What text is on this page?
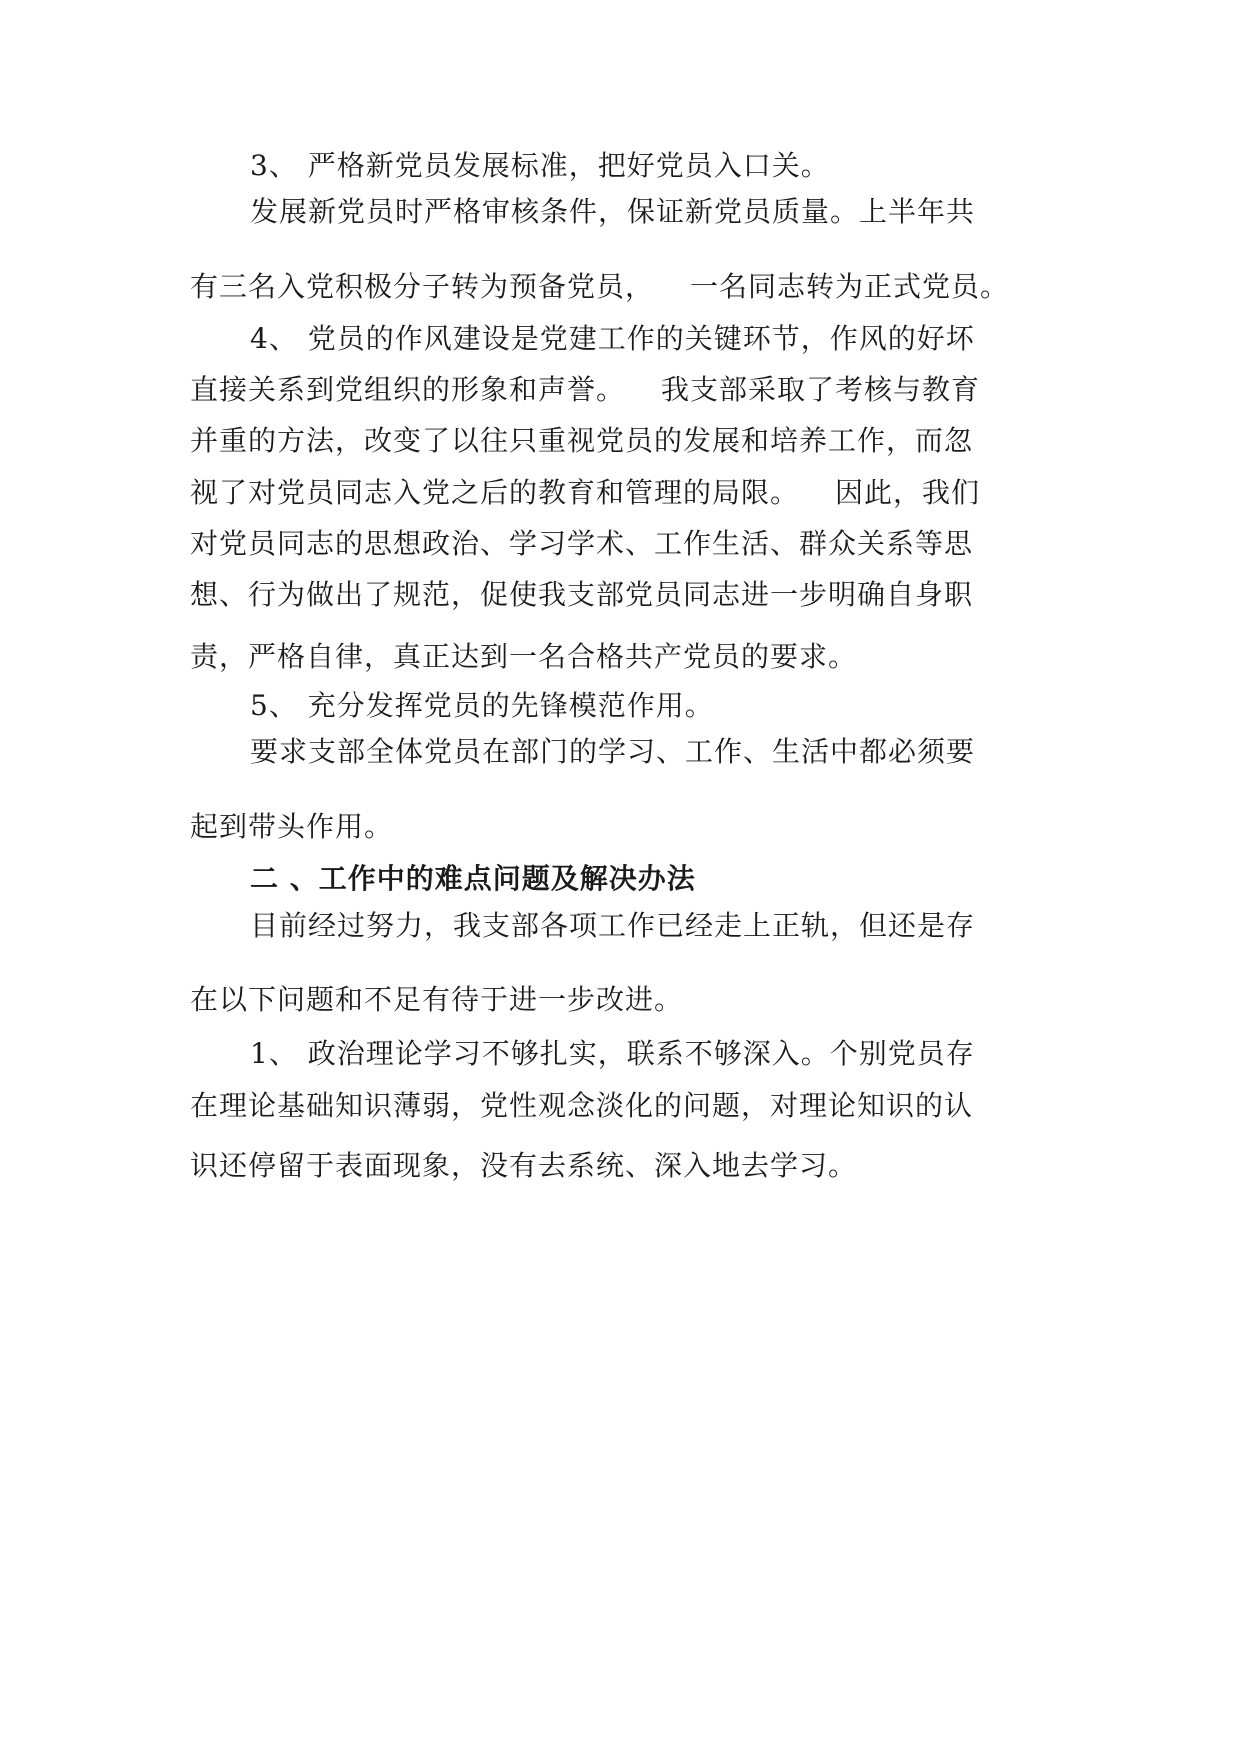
3、 严格新党员发展标准，把好党员入口关。
发展新党员时严格审核条件，保证新党员质量。上半年共
有三名入党积极分子转为预备党员， 一名同志转为正式党员。
4、 党员的作风建设是党建工作的关键环节，作风的好坏
直接关系到党组织的形象和声誉。 我支部采取了考核与教育
并重的方法，改变了以往只重视党员的发展和培养工作，而忽
视了对党员同志入党之后的教育和管理的局限。 因此，我们
对党员同志的思想政治、学习学术、工作生活、群众关系等思
想、行为做出了规范，促使我支部党员同志进一步明确自身职
责，严格自律，真正达到一名合格共产党员的要求。
5、 充分发挥党员的先锋模范作用。
要求支部全体党员在部门的学习、工作、生活中都必须要
起到带头作用。
二 、工作中的难点问题及解决办法
目前经过努力，我支部各项工作已经走上正轨，但还是存
在以下问题和不足有待于进一步改进。
1、 政治理论学习不够扎实，联系不够深入。个别党员存
在理论基础知识薄弱，党性观念淡化的问题，对理论知识的认
识还停留于表面现象，没有去系统、深入地去学习。
